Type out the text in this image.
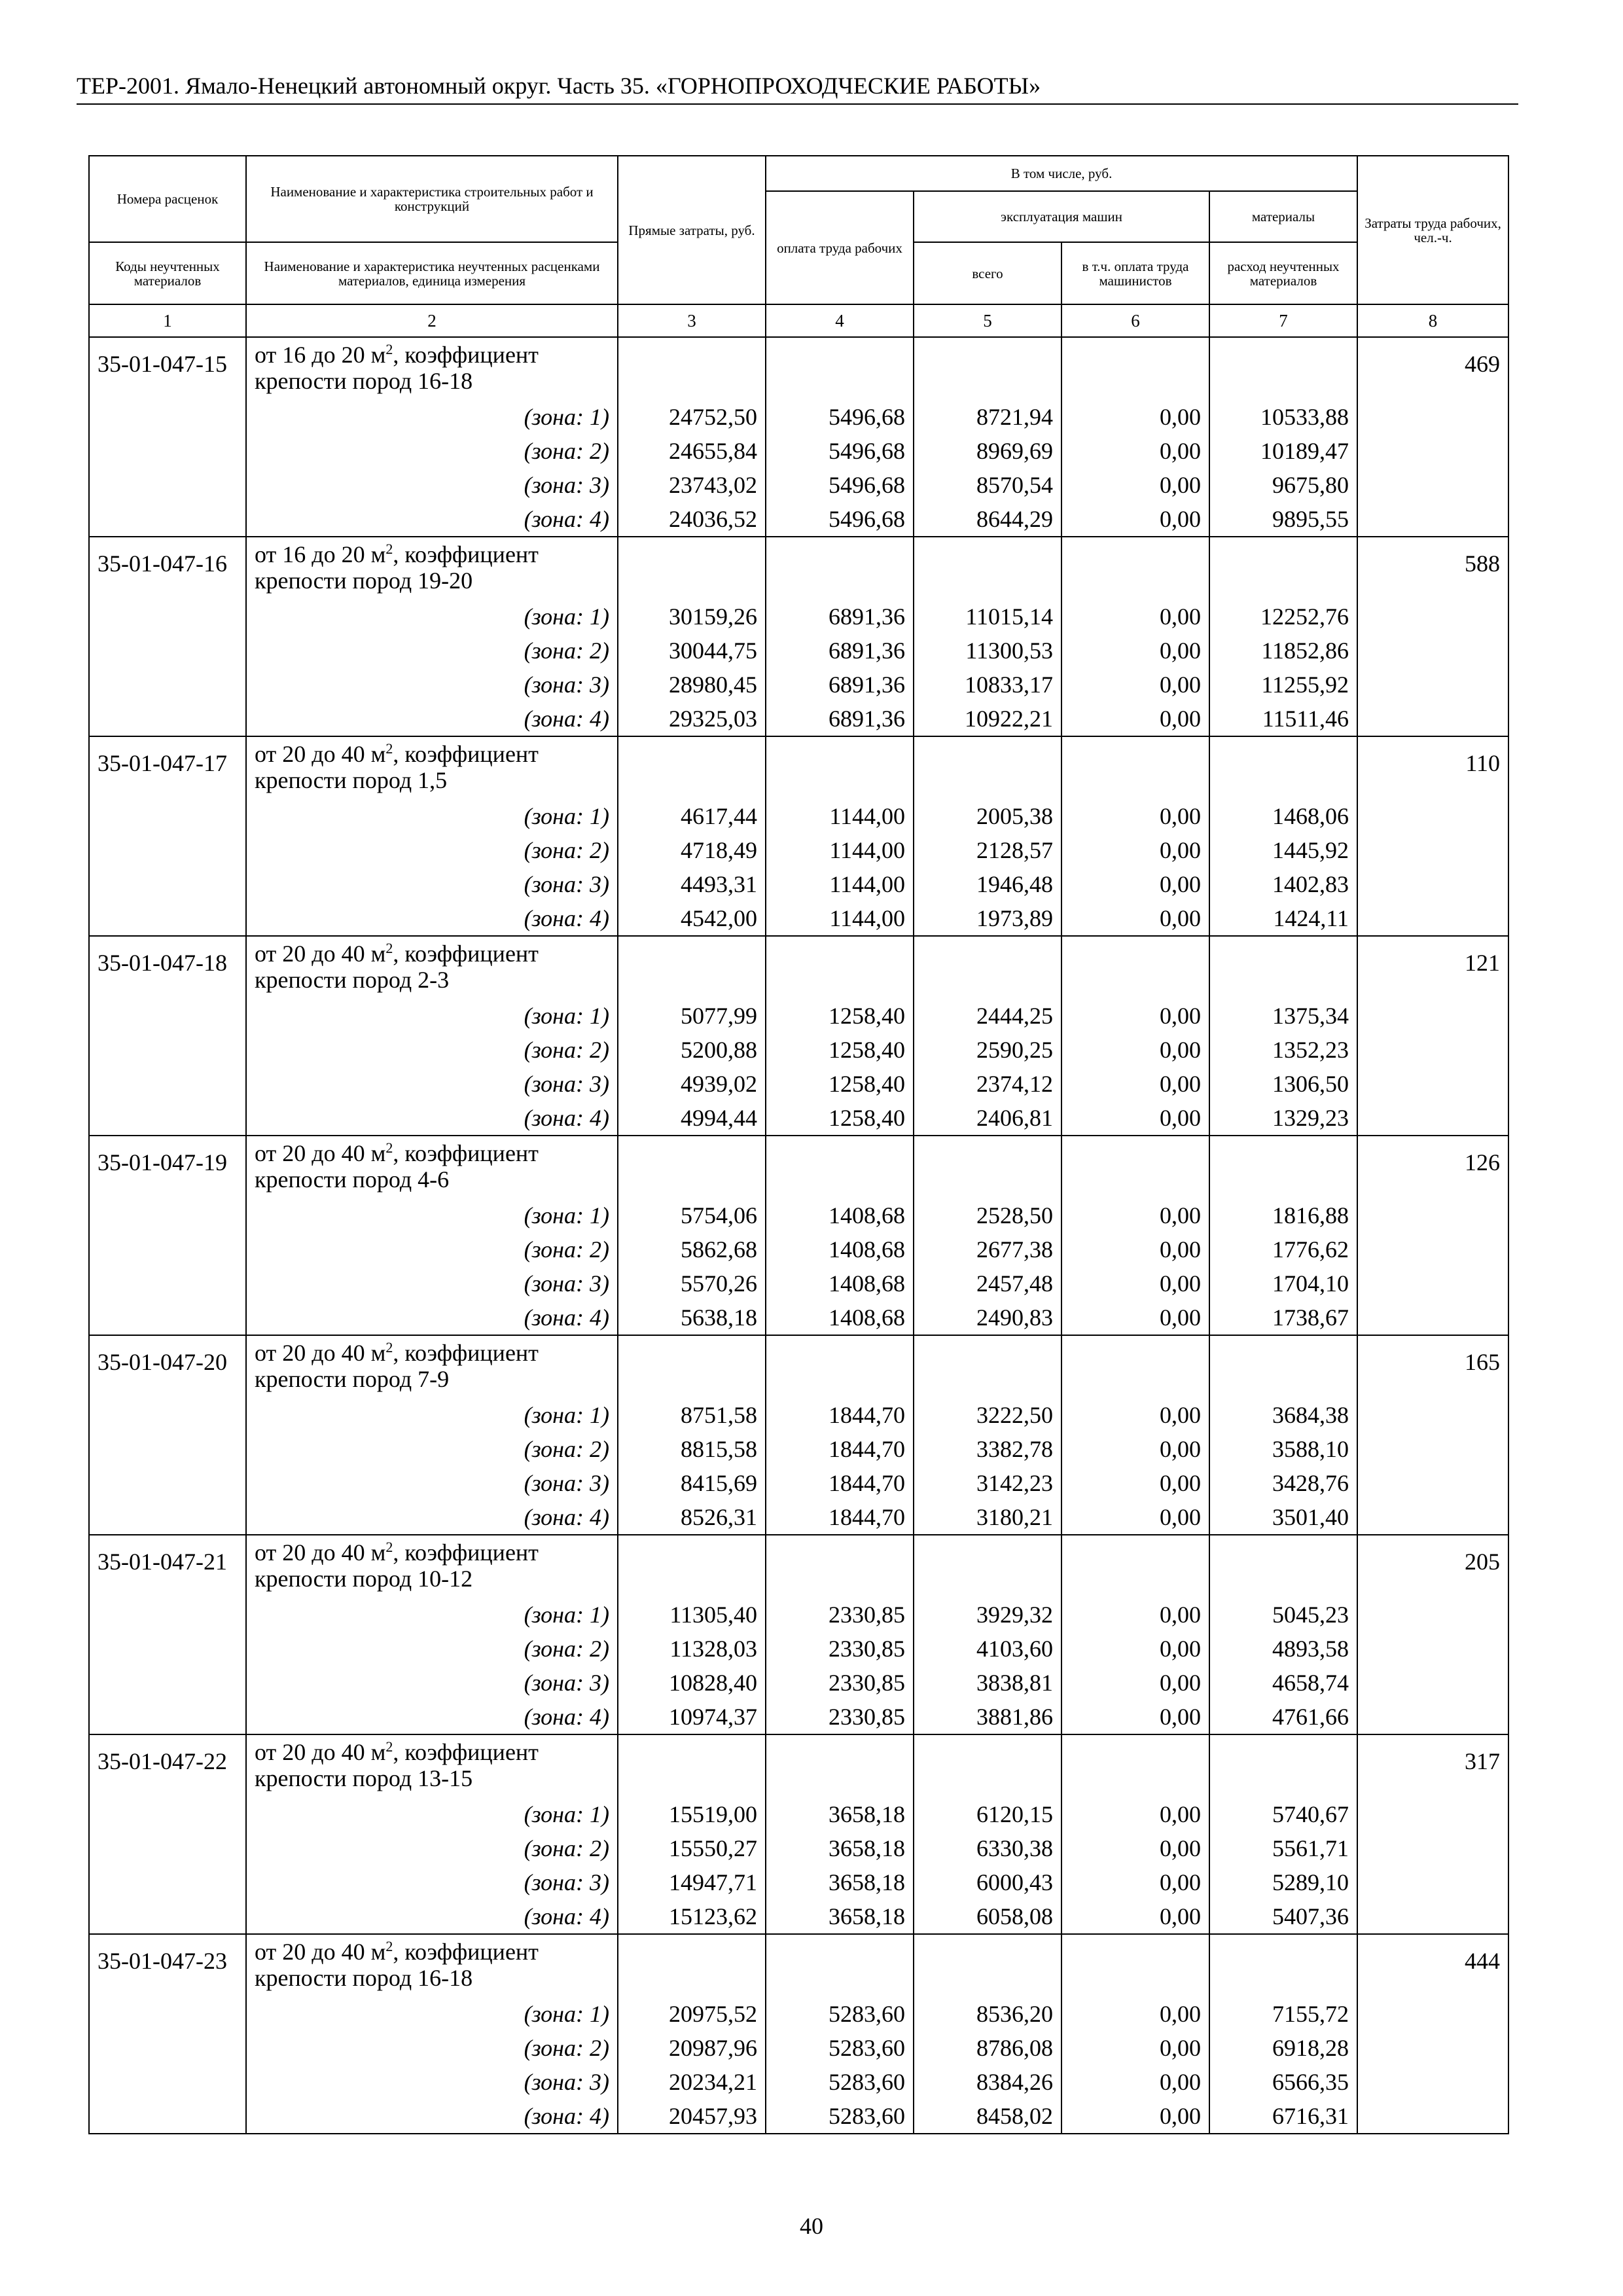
ТЕР-2001. Ямало-Ненецкий автономный округ. Часть 35. «ГОРНОПРОХОДЧЕСКИЕ РАБОТЫ»
Номера расценок	Наименование и характеристика строительных работ и конструкций	Прямые затраты, руб.	В том числе, руб.				Затраты труда рабочих, чел.-ч.
			оплата труда рабочих	эксплуатация машин		материалы	
Коды неучтенных материалов	Наименование и характеристика неучтенных расценками материалов, единица измерения			всего	в т.ч. оплата труда машинистов	расход неучтенных материалов	
1	2	3	4	5	6	7	8
35-01-047-15	от 16 до 20 $м^2$, коэффициент крепости пород 16-18						469
	(зона: 1)	24752,50	5496,68	8721,94	0,00	10533,88	
	(зона: 2)	24655,84	5496,68	8969,69	0,00	10189,47	
	(зона: 3)	23743,02	5496,68	8570,54	0,00	9675,80	
	(зона: 4)	24036,52	5496,68	8644,29	0,00	9895,55	
35-01-047-16	от 16 до 20 $м^2$, коэффициент крепости пород 19-20						588
	(зона: 1)	30159,26	6891,36	11015,14	0,00	12252,76	
	(зона: 2)	30044,75	6891,36	11300,53	0,00	11852,86	
	(зона: 3)	28980,45	6891,36	10833,17	0,00	11255,92	
	(зона: 4)	29325,03	6891,36	10922,21	0,00	11511,46	
35-01-047-17	от 20 до 40 $м^2$, коэффициент крепости пород 1,5						110
	(зона: 1)	4617,44	1144,00	2005,38	0,00	1468,06	
	(зона: 2)	4718,49	1144,00	2128,57	0,00	1445,92	
	(зона: 3)	4493,31	1144,00	1946,48	0,00	1402,83	
	(зона: 4)	4542,00	1144,00	1973,89	0,00	1424,11	
35-01-047-18	от 20 до 40 $м^2$, коэффициент крепости пород 2-3						121
	(зона: 1)	5077,99	1258,40	2444,25	0,00	1375,34	
	(зона: 2)	5200,88	1258,40	2590,25	0,00	1352,23	
	(зона: 3)	4939,02	1258,40	2374,12	0,00	1306,50	
	(зона: 4)	4994,44	1258,40	2406,81	0,00	1329,23	
35-01-047-19	от 20 до 40 $м^2$, коэффициент крепости пород 4-6						126
	(зона: 1)	5754,06	1408,68	2528,50	0,00	1816,88	
	(зона: 2)	5862,68	1408,68	2677,38	0,00	1776,62	
	(зона: 3)	5570,26	1408,68	2457,48	0,00	1704,10	
	(зона: 4)	5638,18	1408,68	2490,83	0,00	1738,67	
35-01-047-20	от 20 до 40 $м^2$, коэффициент крепости пород 7-9						165
	(зона: 1)	8751,58	1844,70	3222,50	0,00	3684,38	
	(зона: 2)	8815,58	1844,70	3382,78	0,00	3588,10	
	(зона: 3)	8415,69	1844,70	3142,23	0,00	3428,76	
	(зона: 4)	8526,31	1844,70	3180,21	0,00	3501,40	
35-01-047-21	от 20 до 40 $м^2$, коэффициент крепости пород 10-12						205
	(зона: 1)	11305,40	2330,85	3929,32	0,00	5045,23	
	(зона: 2)	11328,03	2330,85	4103,60	0,00	4893,58	
	(зона: 3)	10828,40	2330,85	3838,81	0,00	4658,74	
	(зона: 4)	10974,37	2330,85	3881,86	0,00	4761,66	
35-01-047-22	от 20 до 40 $м^2$, коэффициент крепости пород 13-15						317
	(зона: 1)	15519,00	3658,18	6120,15	0,00	5740,67	
	(зона: 2)	15550,27	3658,18	6330,38	0,00	5561,71	
	(зона: 3)	14947,71	3658,18	6000,43	0,00	5289,10	
	(зона: 4)	15123,62	3658,18	6058,08	0,00	5407,36	
35-01-047-23	от 20 до 40 $м^2$, коэффициент крепости пород 16-18						444
	(зона: 1)	20975,52	5283,60	8536,20	0,00	7155,72	
	(зона: 2)	20987,96	5283,60	8786,08	0,00	6918,28	
	(зона: 3)	20234,21	5283,60	8384,26	0,00	6566,35	
	(зона: 4)	20457,93	5283,60	8458,02	0,00	6716,31	
40
